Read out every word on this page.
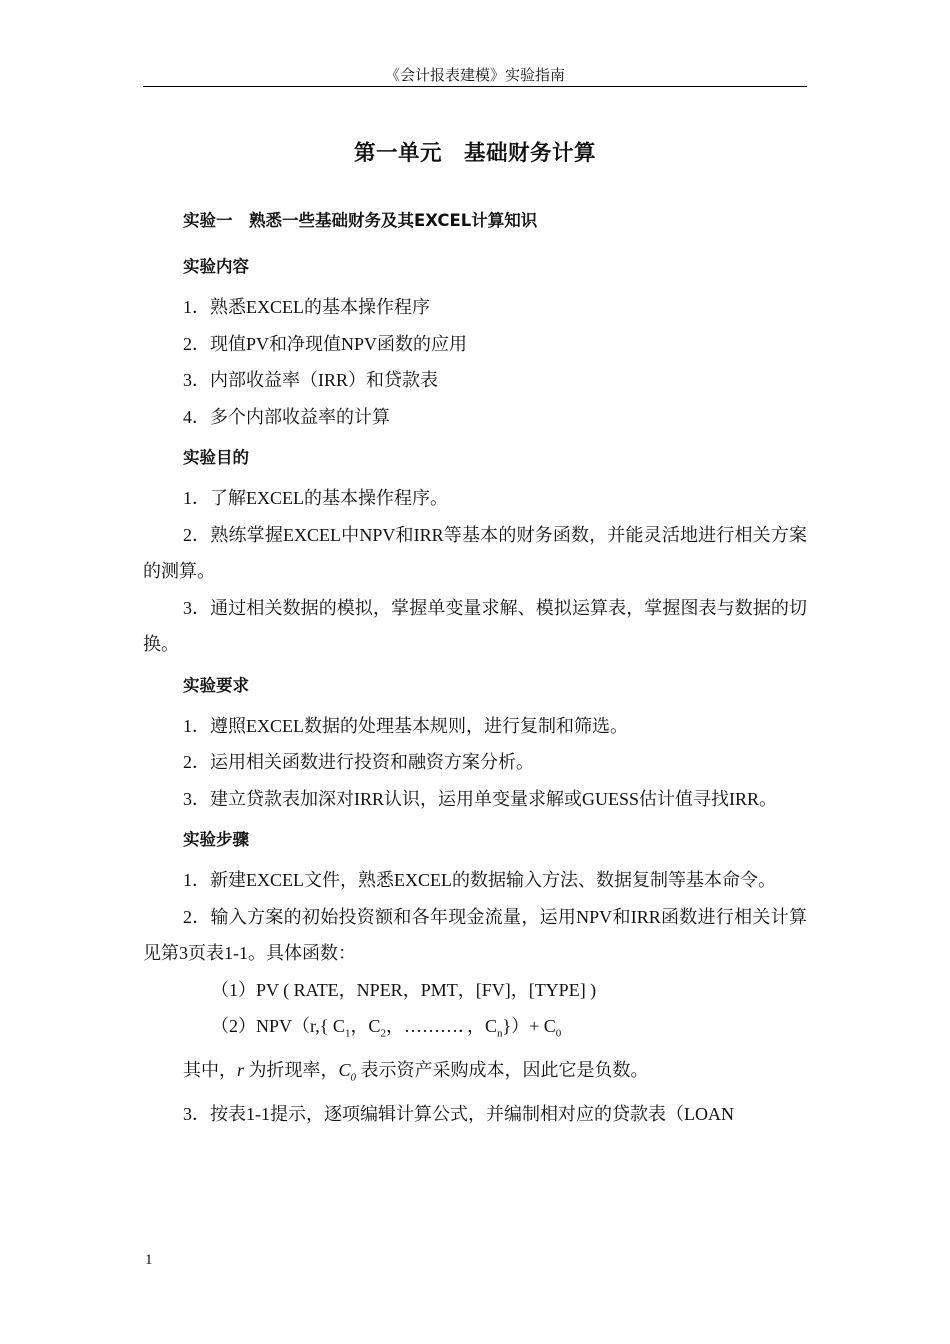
《会计报表建模》实验指南
第一单元　基础财务计算
实验一　熟悉一些基础财务及其EXCEL计算知识
实验内容

1．熟悉EXCEL的基本操作程序

2．现值PV和净现值NPV函数的应用

3．内部收益率（IRR）和贷款表

4．多个内部收益率的计算

实验目的

1．了解EXCEL的基本操作程序。

2．熟练掌握EXCEL中NPV和IRR等基本的财务函数，并能灵活地进行相关方案的测算。

3．通过相关数据的模拟，掌握单变量求解、模拟运算表，掌握图表与数据的切换。

实验要求

1．遵照EXCEL数据的处理基本规则，进行复制和筛选。

2．运用相关函数进行投资和融资方案分析。

3．建立贷款表加深对IRR认识，运用单变量求解或GUESS估计值寻找IRR。

实验步骤

1．新建EXCEL文件，熟悉EXCEL的数据输入方法、数据复制等基本命令。

2．输入方案的初始投资额和各年现金流量，运用NPV和IRR函数进行相关计算见第3页表1-1。具体函数：

（1）PV ( RATE，NPER，PMT，[FV]，[TYPE] )

（2）NPV（r,{ $C_1$，$C_2$，………．，$C_n\})+ C_0$

其中，r 为折现率，$C_0$ 表示资产采购成本，因此它是负数。

3．按表1-1提示，逐项编辑计算公式，并编制相对应的贷款表（LOAN

1
